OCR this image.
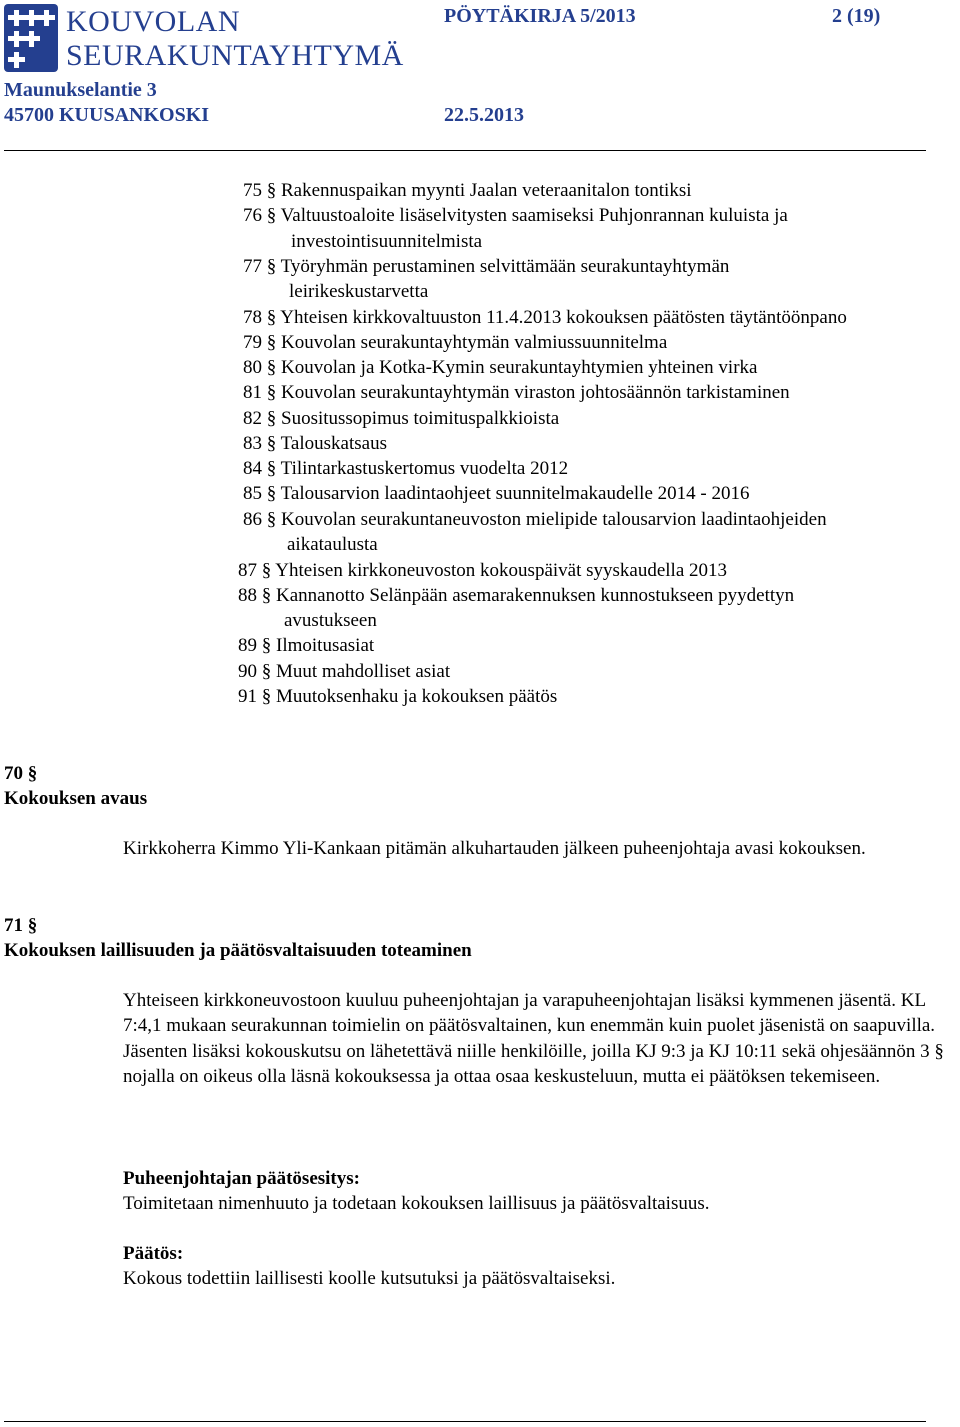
KOUVOLAN
SEURAKUNTAYHTYMÄ
PÖYTÄKIRJA 5/2013	2 (19)
Maunukselantie 3
45700 KUUSANKOSKI	22.5.2013
75 § Rakennuspaikan myynti Jaalan veteraanitalon tontiksi
76 § Valtuustoaloite lisäselvitysten saamiseksi Puhjonrannan kuluista ja
investointisuunnitelmista
77 § Työryhmän perustaminen selvittämään seurakuntayhtymän
leirikeskustarvetta
78 § Yhteisen kirkkovaltuuston 11.4.2013 kokouksen päätösten täytäntöönpano
79 § Kouvolan seurakuntayhtymän valmiussuunnitelma
80 § Kouvolan ja Kotka-Kymin seurakuntayhtymien yhteinen virka
81 § Kouvolan seurakuntayhtymän viraston johtosäännön tarkistaminen
82 § Suositussopimus toimituspalkkioista
83 § Talouskatsaus
84 § Tilintarkastuskertomus vuodelta 2012
85 § Talousarvion laadintaohjeet suunnitelmakaudelle 2014 - 2016
86 § Kouvolan seurakuntaneuvoston mielipide talousarvion laadintaohjeiden
aikataulusta
87 § Yhteisen kirkkoneuvoston kokouspäivät syyskaudella 2013
88 § Kannanotto Selänpään asemarakennuksen kunnostukseen pyydettyn
avustukseen
89 § Ilmoitusasiat
90 § Muut mahdolliset asiat
91 § Muutoksenhaku ja kokouksen päätös
70 §
Kokouksen avaus

Kirkkoherra Kimmo Yli-Kankaan pitämän alkuhartauden jälkeen puheenjohtaja avasi kokouksen.

71 §
Kokouksen laillisuuden ja päätösvaltaisuuden toteaminen

Yhteiseen kirkkoneuvostoon kuuluu puheenjohtajan ja varapuheenjohtajan lisäksi kymmenen jäsentä. KL 7:4,1 mukaan seurakunnan toimielin on päätösvaltainen, kun enemmän kuin puolet jäsenistä on saapuvilla.

Jäsenten lisäksi kokouskutsu on lähetettävä niille henkilöille, joilla KJ 9:3 ja KJ 10:11 sekä ohjesäännön 3 § nojalla on oikeus olla läsnä kokouksessa ja ottaa osaa keskusteluun, mutta ei päätöksen tekemiseen.

Puheenjohtajan päätösesitys:

Toimitetaan nimenhuuto ja todetaan kokouksen laillisuus ja päätösvaltaisuus.

Päätös:

Kokous todettiin laillisesti koolle kutsutuksi ja päätösvaltaiseksi.
